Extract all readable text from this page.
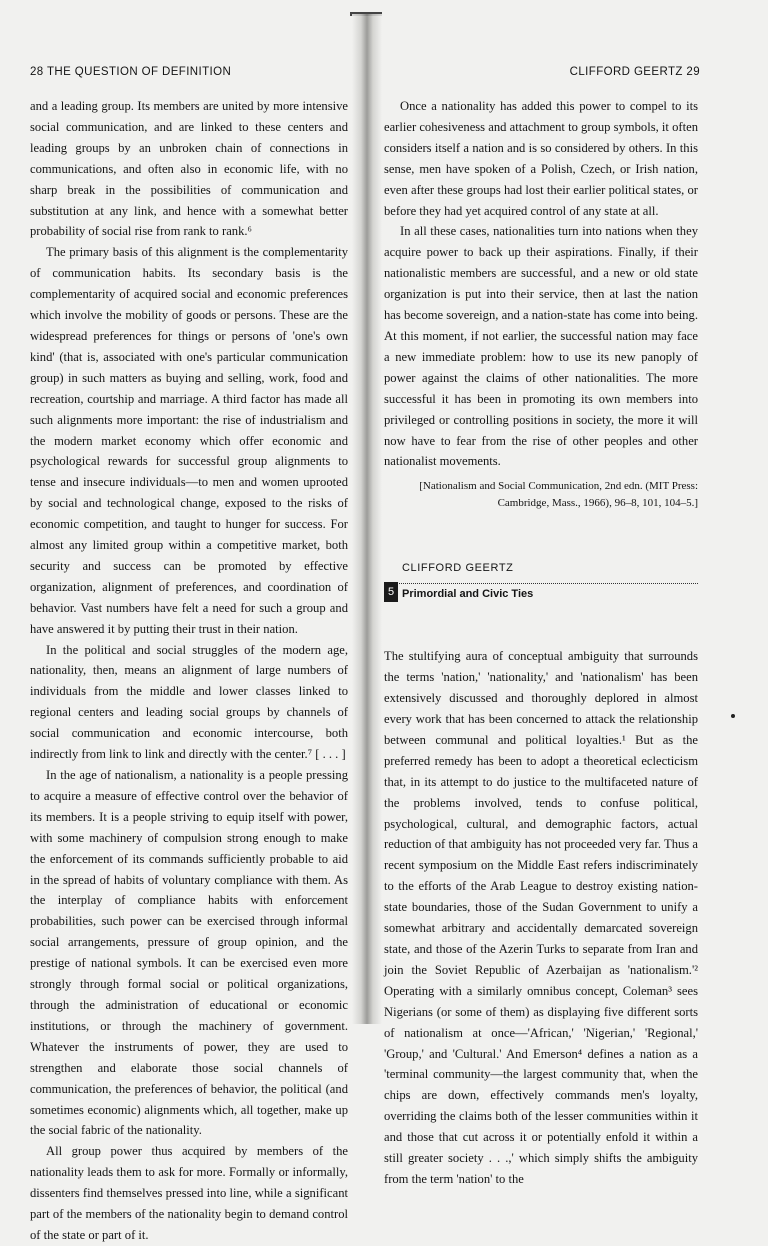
28 THE QUESTION OF DEFINITION	CLIFFORD GEERTZ 29

and a leading group. Its members are united by more intensive social communication, and are linked to these centers and leading groups by an unbroken chain of connections in communications, and often also in economic life, with no sharp break in the possibilities of communication and substitution at any link, and hence with a somewhat better probability of social rise from rank to rank.⁶

The primary basis of this alignment is the complementarity of communication habits. Its secondary basis is the complementarity of acquired social and economic preferences which involve the mobility of goods or persons. These are the widespread preferences for things or persons of 'one's own kind' (that is, associated with one's particular communication group) in such matters as buying and selling, work, food and recreation, courtship and marriage. A third factor has made all such alignments more important: the rise of industrialism and the modern market economy which offer economic and psychological rewards for successful group alignments to tense and insecure individuals—to men and women uprooted by social and technological change, exposed to the risks of economic competition, and taught to hunger for success. For almost any limited group within a competitive market, both security and success can be promoted by effective organization, alignment of preferences, and coordination of behavior. Vast numbers have felt a need for such a group and have answered it by putting their trust in their nation.

In the political and social struggles of the modern age, nationality, then, means an alignment of large numbers of individuals from the middle and lower classes linked to regional centers and leading social groups by channels of social communication and economic intercourse, both indirectly from link to link and directly with the center.⁷ [ . . . ]

In the age of nationalism, a nationality is a people pressing to acquire a measure of effective control over the behavior of its members. It is a people striving to equip itself with power, with some machinery of compulsion strong enough to make the enforcement of its commands sufficiently probable to aid in the spread of habits of voluntary compliance with them. As the interplay of compliance habits with enforcement probabilities, such power can be exercised through informal social arrangements, pressure of group opinion, and the prestige of national symbols. It can be exercised even more strongly through formal social or political organizations, through the administration of educational or economic institutions, or through the machinery of government. Whatever the instruments of power, they are used to strengthen and elaborate those social channels of communication, the preferences of behavior, the political (and sometimes economic) alignments which, all together, make up the social fabric of the nationality.

All group power thus acquired by members of the nationality leads them to ask for more. Formally or informally, dissenters find themselves pressed into line, while a significant part of the members of the nationality begin to demand control of the state or part of it.

Once a nationality has added this power to compel to its earlier cohesiveness and attachment to group symbols, it often considers itself a nation and is so considered by others. In this sense, men have spoken of a Polish, Czech, or Irish nation, even after these groups had lost their earlier political states, or before they had yet acquired control of any state at all.

In all these cases, nationalities turn into nations when they acquire power to back up their aspirations. Finally, if their nationalistic members are successful, and a new or old state organization is put into their service, then at last the nation has become sovereign, and a nation-state has come into being. At this moment, if not earlier, the successful nation may face a new immediate problem: how to use its new panoply of power against the claims of other nationalities. The more successful it has been in promoting its own members into privileged or controlling positions in society, the more it will now have to fear from the rise of other peoples and other nationalist movements.

[Nationalism and Social Communication, 2nd edn. (MIT Press: Cambridge, Mass., 1966), 96–8, 101, 104–5.]
CLIFFORD GEERTZ
5 Primordial and Civic Ties

The stultifying aura of conceptual ambiguity that surrounds the terms 'nation,' 'nationality,' and 'nationalism' has been extensively discussed and thoroughly deplored in almost every work that has been concerned to attack the relationship between communal and political loyalties.¹ But as the preferred remedy has been to adopt a theoretical eclecticism that, in its attempt to do justice to the multifaceted nature of the problems involved, tends to confuse political, psychological, cultural, and demographic factors, actual reduction of that ambiguity has not proceeded very far. Thus a recent symposium on the Middle East refers indiscriminately to the efforts of the Arab League to destroy existing nation-state boundaries, those of the Sudan Government to unify a somewhat arbitrary and accidentally demarcated sovereign state, and those of the Azerin Turks to separate from Iran and join the Soviet Republic of Azerbaijan as 'nationalism.'² Operating with a similarly omnibus concept, Coleman³ sees Nigerians (or some of them) as displaying five different sorts of nationalism at once—'African,' 'Nigerian,' 'Regional,' 'Group,' and 'Cultural.' And Emerson⁴ defines a nation as a 'terminal community—the largest community that, when the chips are down, effectively commands men's loyalty, overriding the claims both of the lesser communities within it and those that cut across it or potentially enfold it within a still greater society . . .,' which simply shifts the ambiguity from the term 'nation' to the
